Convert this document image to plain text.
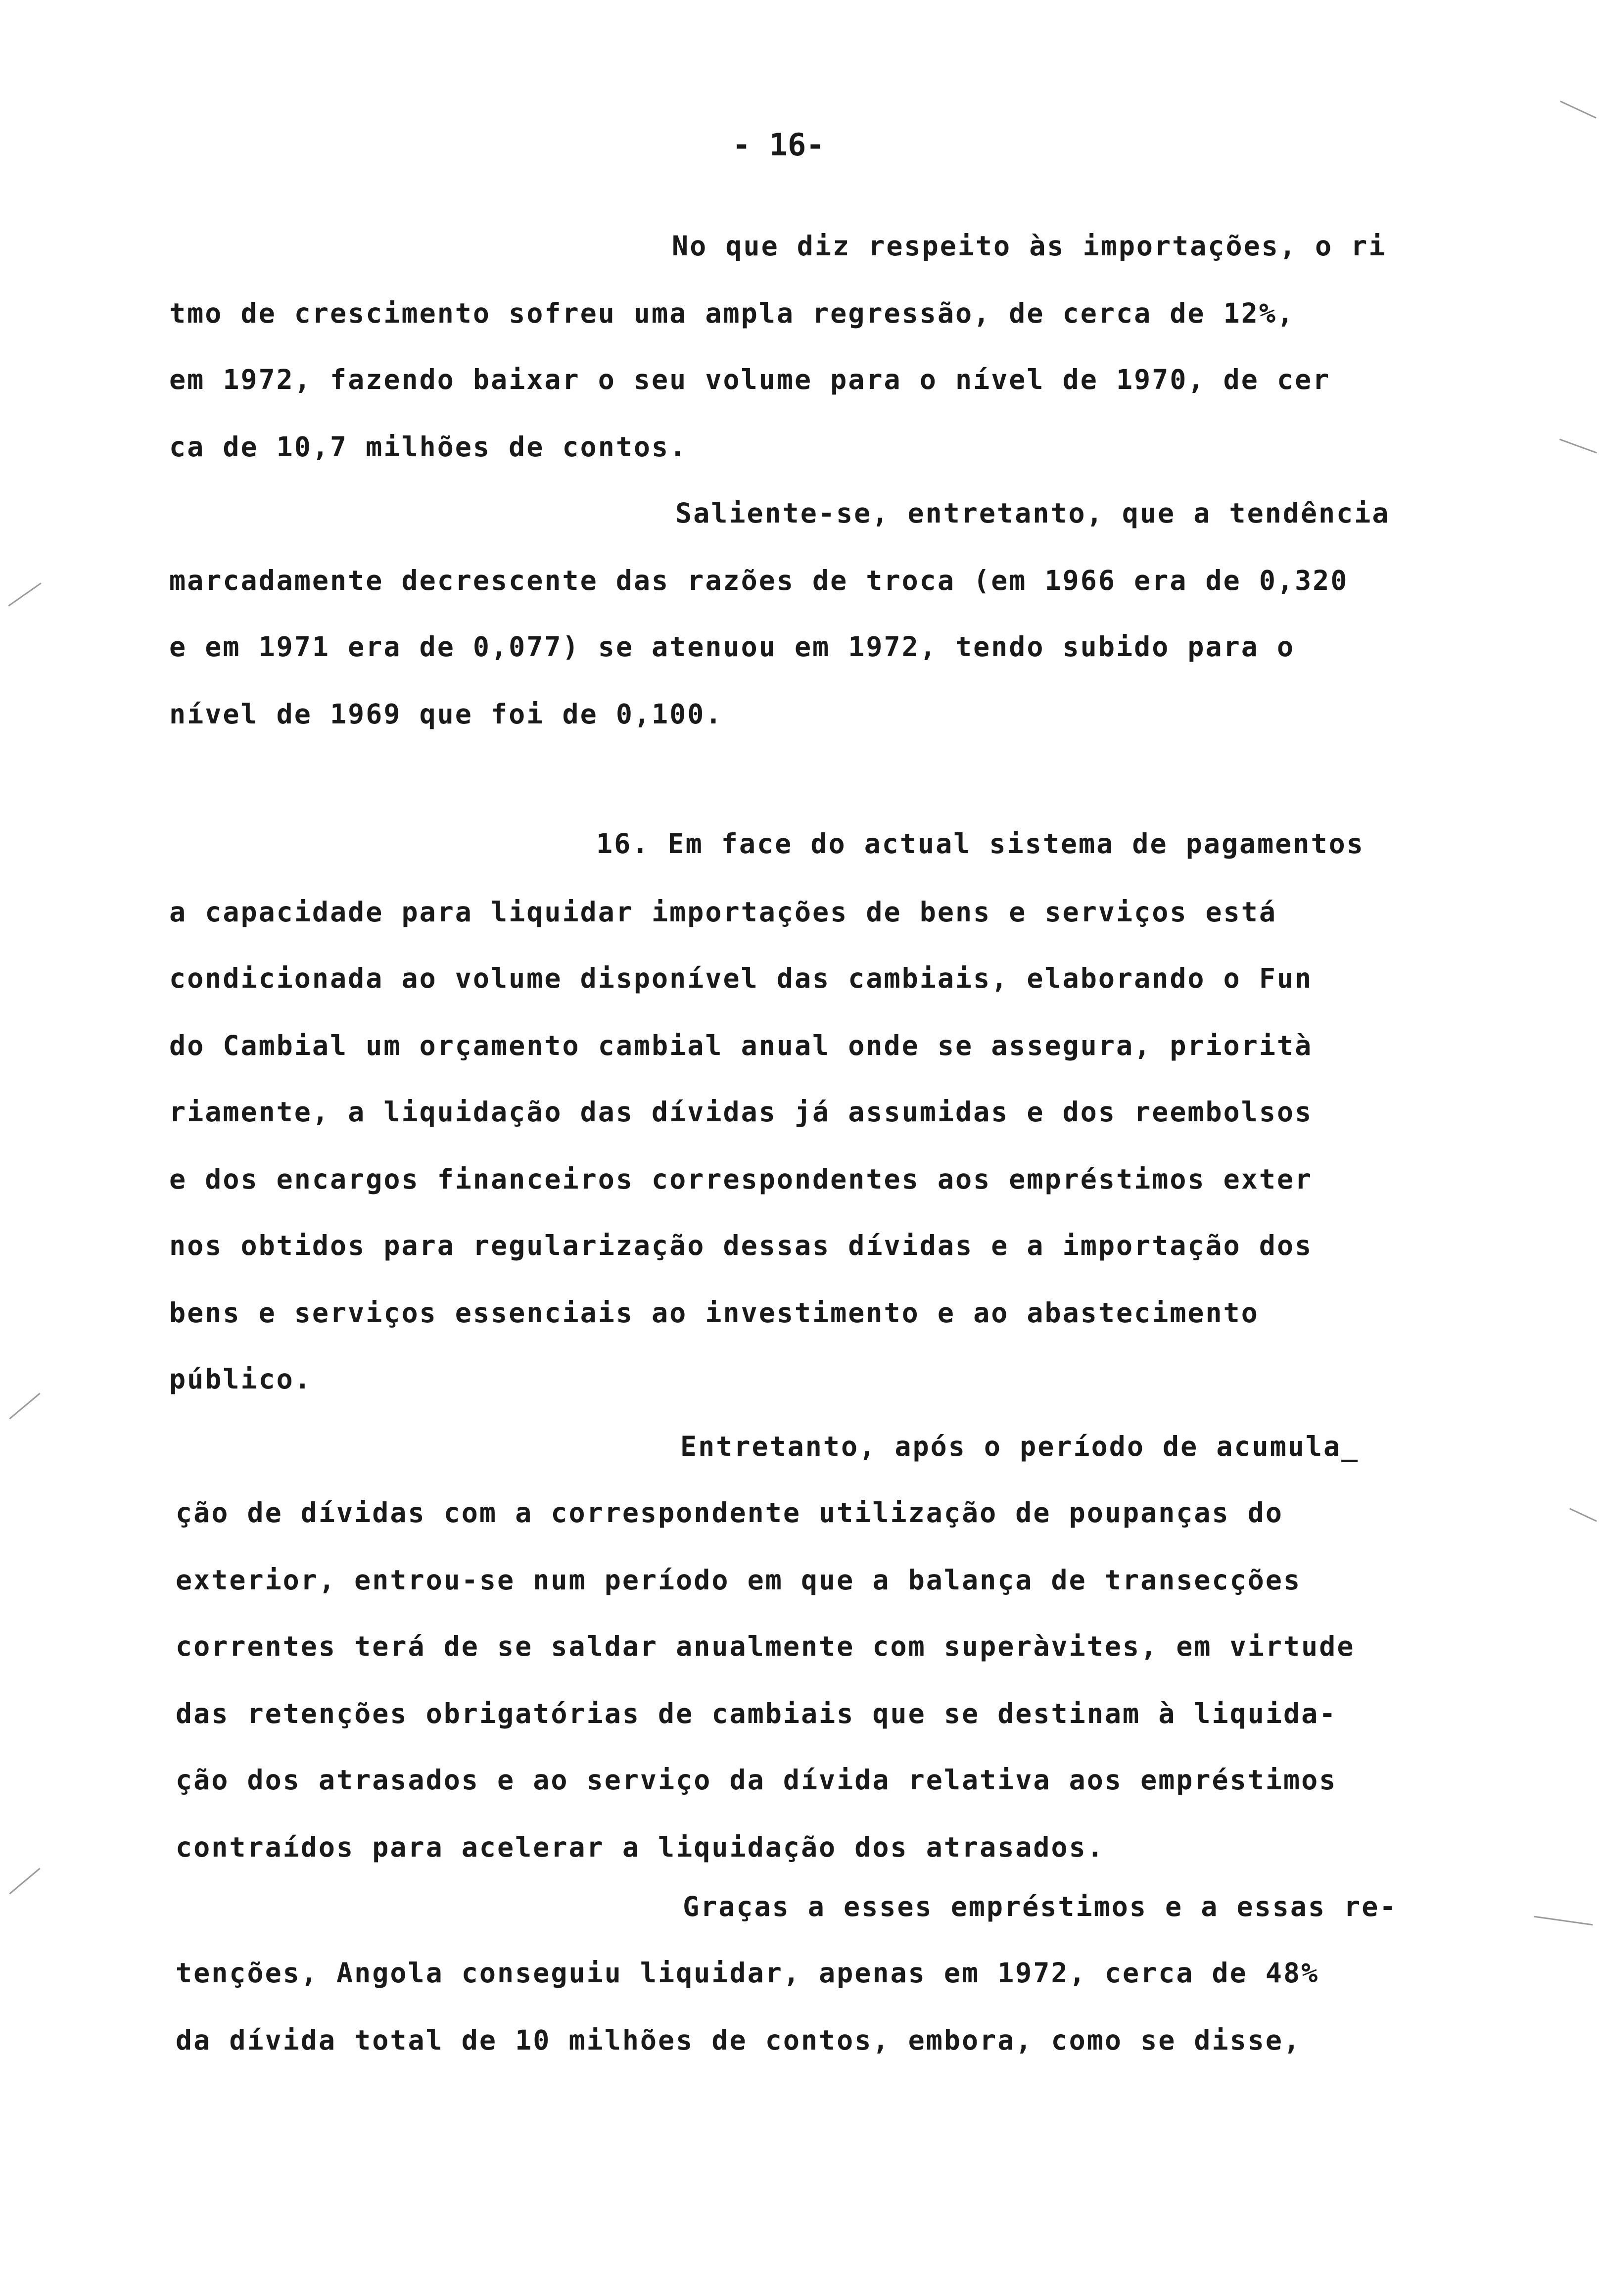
- 16-
No que diz respeito às importações, o ri
tmo de crescimento sofreu uma ampla regressão, de cerca de 12%,
em 1972, fazendo baixar o seu volume para o nível de 1970, de cer
ca de 10,7 milhões de contos.
Saliente-se, entretanto, que a tendência
marcadamente decrescente das razões de troca (em 1966 era de 0,320
e em 1971 era de 0,077) se atenuou em 1972, tendo subido para o
nível de 1969 que foi de 0,100.
16. Em face do actual sistema de pagamentos
a capacidade para liquidar importações de bens e serviços está
condicionada ao volume disponível das cambiais, elaborando o Fun
do Cambial um orçamento cambial anual onde se assegura, priorità
riamente, a liquidação das dívidas já assumidas e dos reembolsos
e dos encargos financeiros correspondentes aos empréstimos exter
nos obtidos para regularização dessas dívidas e a importação dos
bens e serviços essenciais ao investimento e ao abastecimento
público.
Entretanto, após o período de acumula_
ção de dívidas com a correspondente utilização de poupanças do
exterior, entrou-se num período em que a balança de transecções
correntes terá de se saldar anualmente com superàvites, em virtude
das retenções obrigatórias de cambiais que se destinam à liquida-
ção dos atrasados e ao serviço da dívida relativa aos empréstimos
contraídos para acelerar a liquidação dos atrasados.
Graças a esses empréstimos e a essas re-
tenções, Angola conseguiu liquidar, apenas em 1972, cerca de 48%
da dívida total de 10 milhões de contos, embora, como se disse,
